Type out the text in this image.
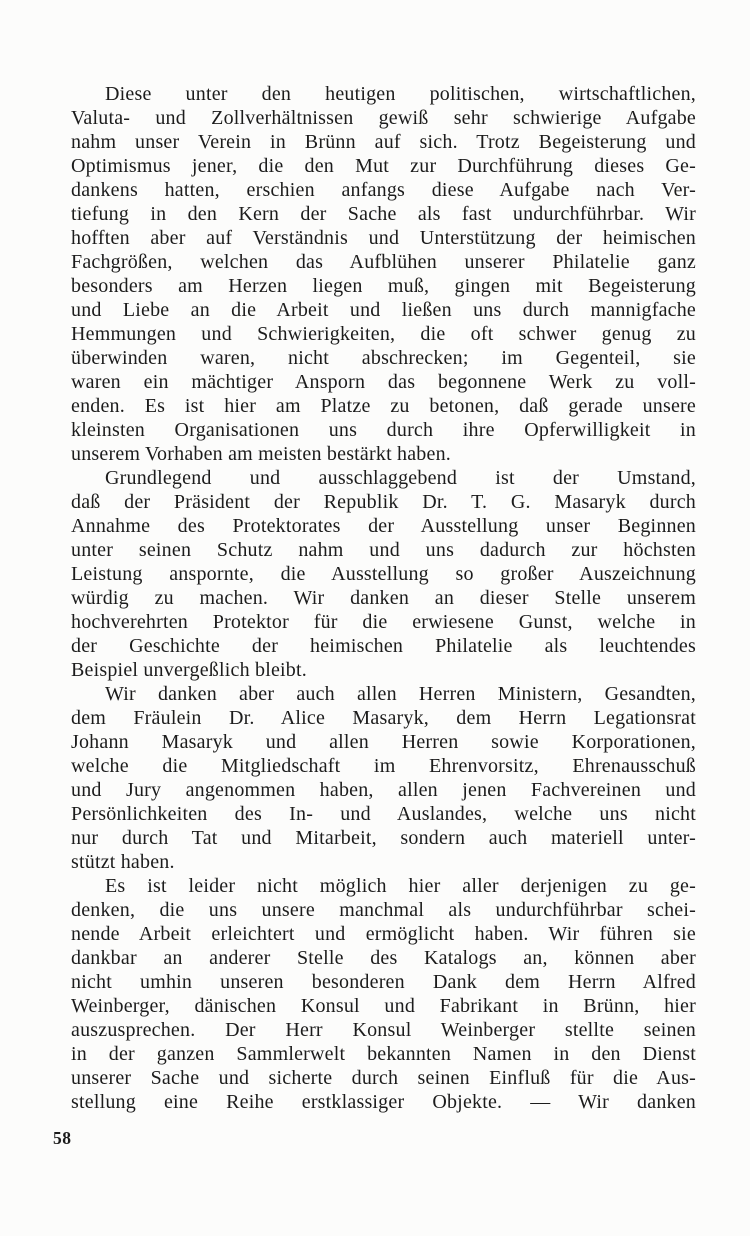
Diese unter den heutigen politischen, wirtschaftlichen,
Valuta- und Zollverhältnissen gewiß sehr schwierige Aufgabe
nahm unser Verein in Brünn auf sich. Trotz Begeisterung und
Optimismus jener, die den Mut zur Durchführung dieses Ge-
dankens hatten, erschien anfangs diese Aufgabe nach Ver-
tiefung in den Kern der Sache als fast undurchführbar. Wir
hofften aber auf Verständnis und Unterstützung der heimischen
Fachgrößen, welchen das Aufblühen unserer Philatelie ganz
besonders am Herzen liegen muß, gingen mit Begeisterung
und Liebe an die Arbeit und ließen uns durch mannigfache
Hemmungen und Schwierigkeiten, die oft schwer genug zu
überwinden waren, nicht abschrecken; im Gegenteil, sie
waren ein mächtiger Ansporn das begonnene Werk zu voll-
enden. Es ist hier am Platze zu betonen, daß gerade unsere
kleinsten Organisationen uns durch ihre Opferwilligkeit in
unserem Vorhaben am meisten bestärkt haben.
Grundlegend und ausschlaggebend ist der Umstand,
daß der Präsident der Republik Dr. T. G. Masaryk durch
Annahme des Protektorates der Ausstellung unser Beginnen
unter seinen Schutz nahm und uns dadurch zur höchsten
Leistung anspornte, die Ausstellung so großer Auszeichnung
würdig zu machen. Wir danken an dieser Stelle unserem
hochverehrten Protektor für die erwiesene Gunst, welche in
der Geschichte der heimischen Philatelie als leuchtendes
Beispiel unvergeßlich bleibt.
Wir danken aber auch allen Herren Ministern, Gesandten,
dem Fräulein Dr. Alice Masaryk, dem Herrn Legationsrat
Johann Masaryk und allen Herren sowie Korporationen,
welche die Mitgliedschaft im Ehrenvorsitz, Ehrenausschuß
und Jury angenommen haben, allen jenen Fachvereinen und
Persönlichkeiten des In- und Auslandes, welche uns nicht
nur durch Tat und Mitarbeit, sondern auch materiell unter-
stützt haben.
Es ist leider nicht möglich hier aller derjenigen zu ge-
denken, die uns unsere manchmal als undurchführbar schei-
nende Arbeit erleichtert und ermöglicht haben. Wir führen sie
dankbar an anderer Stelle des Katalogs an, können aber
nicht umhin unseren besonderen Dank dem Herrn Alfred
Weinberger, dänischen Konsul und Fabrikant in Brünn, hier
auszusprechen. Der Herr Konsul Weinberger stellte seinen
in der ganzen Sammlerwelt bekannten Namen in den Dienst
unserer Sache und sicherte durch seinen Einfluß für die Aus-
stellung eine Reihe erstklassiger Objekte. — Wir danken
58
